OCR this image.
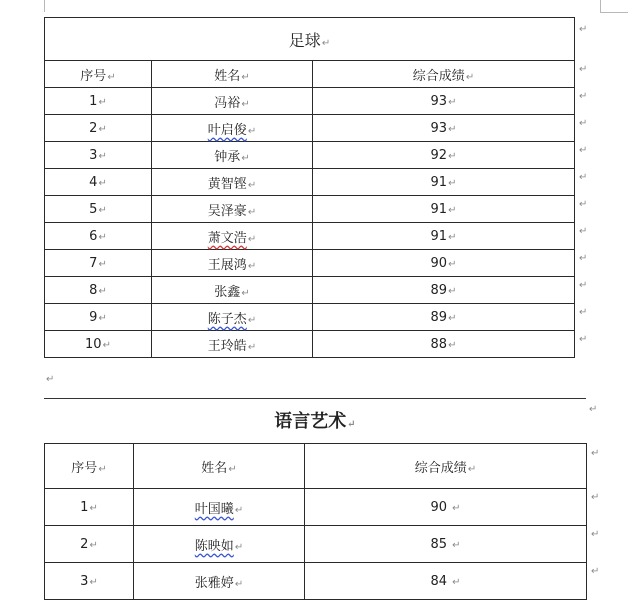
足球↵		
序号↵	姓名↵	综合成绩↵
1↵	冯裕↵	93↵
2↵	叶启俊↵	93↵
3↵	钟承↵	92↵
4↵	黄智铿↵	91↵
5↵	吴泽豪↵	91↵
6↵	萧文浩↵	91↵
7↵	王展鸿↵	90↵
8↵	张鑫↵	89↵
9↵	陈子杰↵	89↵
10↵	王玲皓↵	88↵
↵
↵
↵
↵
↵
↵
↵
↵
↵
↵
↵
↵
↵
语言艺术↵
↵
序号↵	姓名↵	综合成绩↵
1↵	叶国曦↵	90 ↵
2↵	陈映如↵	85 ↵
3↵	张雅婷↵	84 ↵
↵
↵
↵
↵
